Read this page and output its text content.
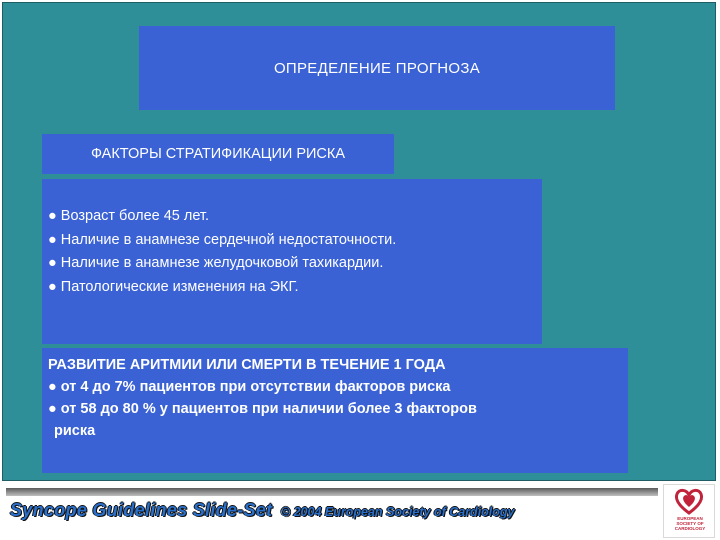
ОПРЕДЕЛЕНИЕ ПРОГНОЗА
ФАКТОРЫ СТРАТИФИКАЦИИ РИСКА
● Возраст более 45 лет.
● Наличие в анамнезе сердечной недостаточности.
● Наличие в анамнезе желудочковой тахикардии.
● Патологические изменения на ЭКГ.
РАЗВИТИЕ АРИТМИИ ИЛИ СМЕРТИ В ТЕЧЕНИЕ 1 ГОДА
● от 4 до 7% пациентов при отсутствии факторов риска
● от 58 до 80 % у пациентов при наличии более 3 факторов
риска
Syncope Guidelines Slide-Set © 2004 European Society of Cardiology	EUROPEAN
SOCIETY OF
CARDIOLOGY
